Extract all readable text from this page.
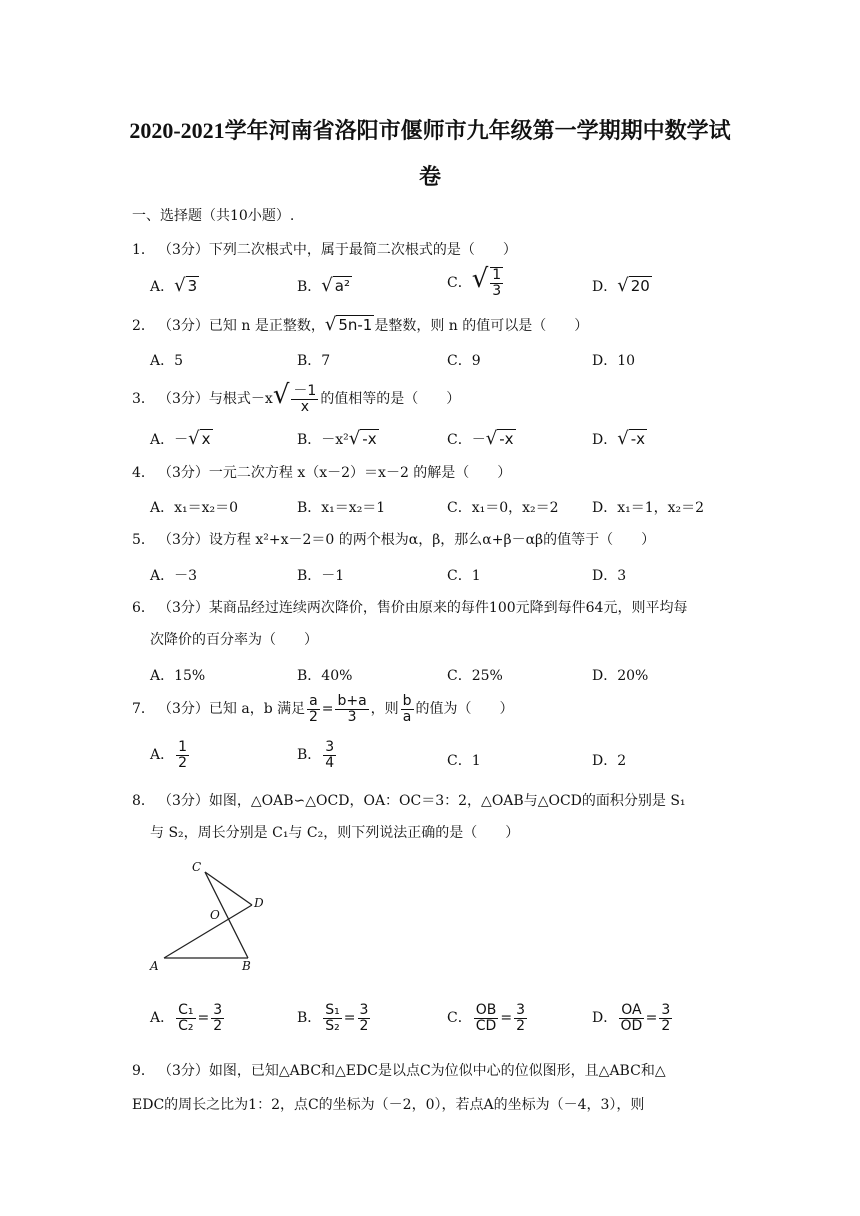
2020-2021学年河南省洛阳市偃师市九年级第一学期期中数学试
卷
一、选择题（共10小题）.
1． （3分）下列二次根式中，属于最简二次根式的是（　　）
A．√ 3	B．√ a²	C．√ $\frac{1}{3}$	D．√ 20
2． （3分）已知 n 是正整数，√ 5n-1 是整数，则 n 的值可以是（　　）
A．5	B．7	C．9	D．10
3． （3分）与根式$-x√ \frac{-1}{x}$ 的值相等的是（　　）
A．－√ x	B．－x²√ -x	C．－√ -x	D．√ -x
4． （3分）一元二次方程 x（x－2）＝x－2 的解是（　　）
A．x₁＝x₂＝0	B．x₁＝x₂＝1	C．x₁＝0，x₂＝2 D．x₁＝1，x₂＝2
5． （3分）设方程 x²+x－2＝0 的两个根为α，β，那么α+β－αβ的值等于（　　）
A．－3	B．－1	C．1	D．3
6． （3分）某商品经过连续两次降价，售价由原来的每件100元降到每件64元，则平均每
次降价的百分率为（　　）
A．15%	B．40%	C．25%	D．20%
7． （3分）已知 a，b 满足 $\frac{a}{2} = \frac{b+a}{3}$ ，则 $\frac{b}{a}$ 的值为（　　）
A． $\frac{1}{2}$	B． $\frac{3}{4}$	C．1	D．2
8． （3分）如图，△OAB∽△OCD，OA：OC＝3：2，△OAB与△OCD的面积分别是 S₁
与 S₂，周长分别是 C₁与 C₂，则下列说法正确的是（　　）
C
D
O
A	B
A． $\frac{\text{C₁}}{\text{C₂}} = \frac{3}{2}$	B． $\frac{\text{S₁}}{\text{S₂}} = \frac{3}{2}$	C． $\frac{OB}{CD} = \frac{3}{2}$	D． $\frac{OA}{OD} = \frac{3}{2}$
9． （3分）如图，已知△ABC和△EDC是以点C为位似中心的位似图形，且△ABC和△
EDC的周长之比为1：2，点C的坐标为（－2，0），若点A的坐标为（－4，3），则
